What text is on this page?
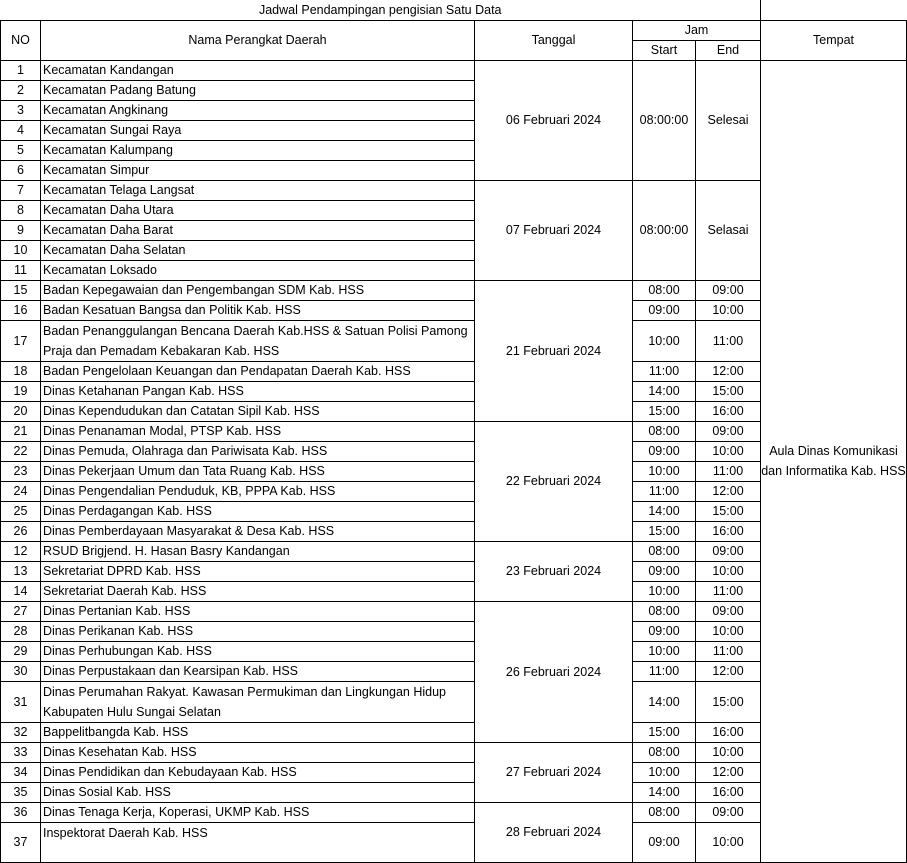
Jadwal Pendampingan pengisian Satu Data					
NO	Nama Perangkat Daerah	Tanggal	Jam		Tempat
			Start	End	
1	Kecamatan Kandangan	06 Februari 2024	08:00:00	Selesai	Aula Dinas Komunikasi dan Informatika Kab. HSS
2	Kecamatan Padang Batung				
3	Kecamatan Angkinang				
4	Kecamatan Sungai Raya				
5	Kecamatan Kalumpang				
6	Kecamatan Simpur				
7	Kecamatan Telaga Langsat	07 Februari 2024	08:00:00	Selasai	
8	Kecamatan Daha Utara				
9	Kecamatan Daha Barat				
10	Kecamatan Daha Selatan				
11	Kecamatan Loksado				
15	Badan Kepegawaian dan Pengembangan SDM Kab. HSS	21 Februari 2024	08:00	09:00	
16	Badan Kesatuan Bangsa dan Politik Kab. HSS		09:00	10:00	
17	Badan Penanggulangan Bencana Daerah Kab.HSS & Satuan Polisi Pamong Praja dan Pemadam Kebakaran Kab. HSS		10:00	11:00	
18	Badan Pengelolaan Keuangan dan Pendapatan Daerah Kab. HSS		11:00	12:00	
19	Dinas Ketahanan Pangan Kab. HSS		14:00	15:00	
20	Dinas Kependudukan dan Catatan Sipil Kab. HSS		15:00	16:00	
21	Dinas Penanaman Modal, PTSP Kab. HSS	22 Februari 2024	08:00	09:00	
22	Dinas Pemuda, Olahraga dan Pariwisata Kab. HSS		09:00	10:00	
23	Dinas Pekerjaan Umum dan Tata Ruang Kab. HSS		10:00	11:00	
24	Dinas Pengendalian Penduduk, KB, PPPA Kab. HSS		11:00	12:00	
25	Dinas Perdagangan Kab. HSS		14:00	15:00	
26	Dinas Pemberdayaan Masyarakat & Desa Kab. HSS		15:00	16:00	
12	RSUD Brigjend. H. Hasan Basry Kandangan	23 Februari 2024	08:00	09:00	
13	Sekretariat DPRD Kab. HSS		09:00	10:00	
14	Sekretariat Daerah Kab. HSS		10:00	11:00	
27	Dinas Pertanian Kab. HSS	26 Februari 2024	08:00	09:00	
28	Dinas Perikanan Kab. HSS		09:00	10:00	
29	Dinas Perhubungan Kab. HSS		10:00	11:00	
30	Dinas Perpustakaan dan Kearsipan Kab. HSS		11:00	12:00	
31	Dinas Perumahan Rakyat. Kawasan Permukiman dan Lingkungan Hidup Kabupaten Hulu Sungai Selatan		14:00	15:00	
32	Bappelitbangda Kab. HSS		15:00	16:00	
33	Dinas Kesehatan Kab. HSS	27 Februari 2024	08:00	10:00	
34	Dinas Pendidikan dan Kebudayaan Kab. HSS		10:00	12:00	
35	Dinas Sosial Kab. HSS		14:00	16:00	
36	Dinas Tenaga Kerja, Koperasi, UKMP Kab. HSS	28 Februari 2024	08:00	09:00	
37	Inspektorat Daerah Kab. HSS		09:00	10:00	
